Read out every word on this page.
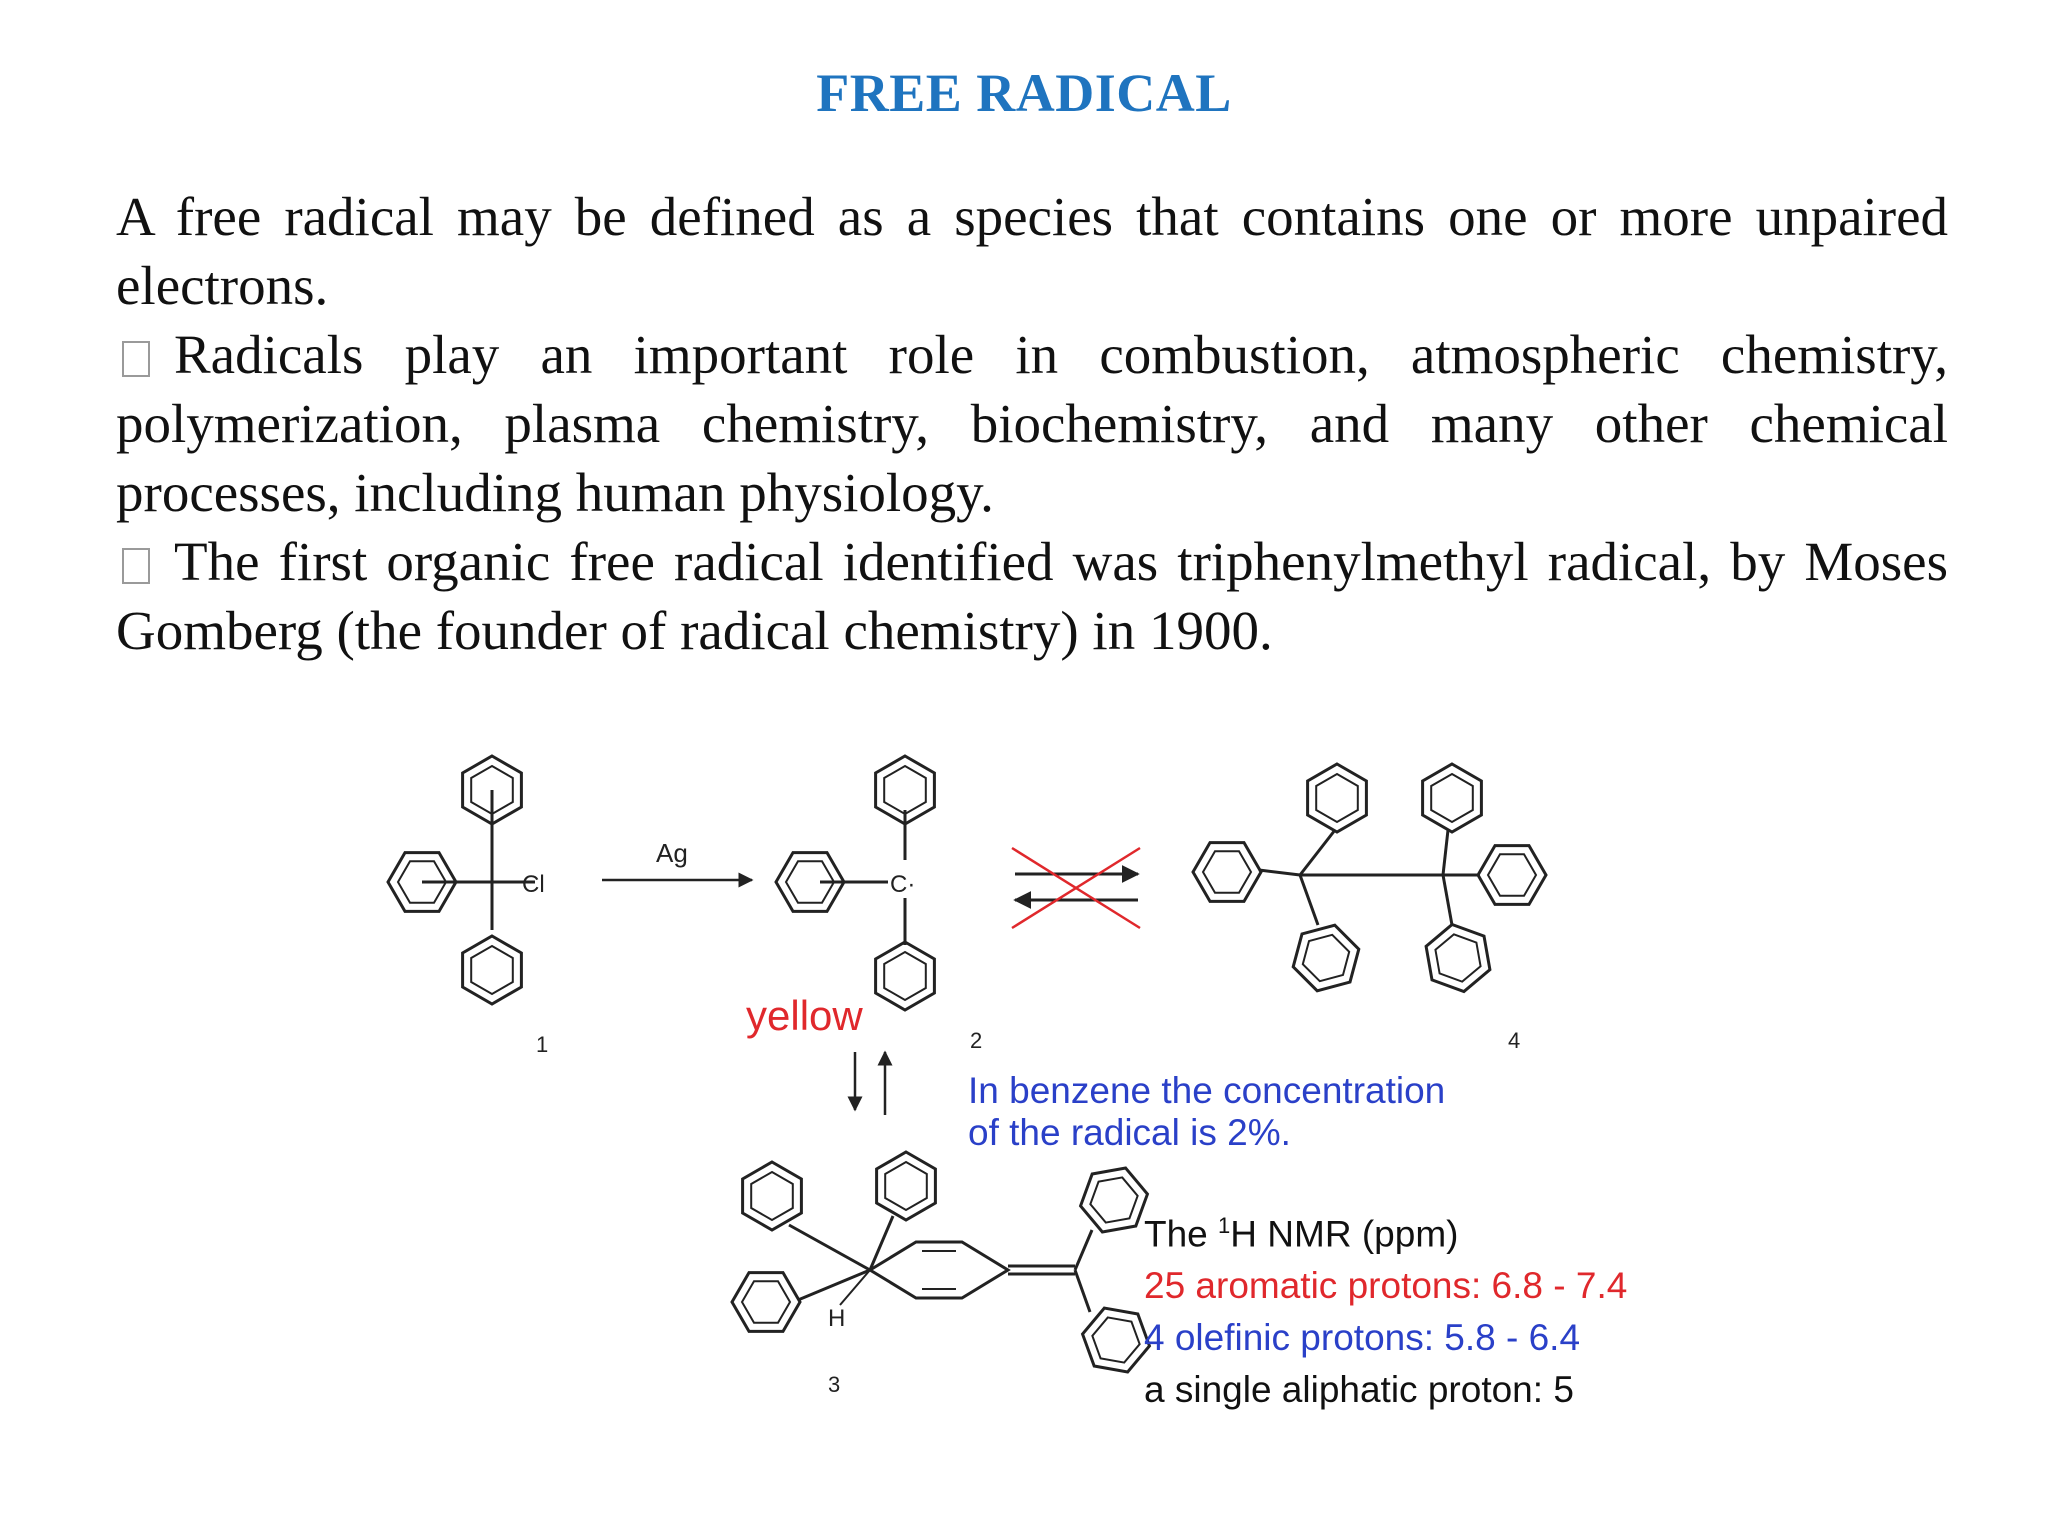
FREE RADICAL

A free radical may be defined as a species that contains one or more unpaired electrons.

Radicals play an important role in combustion, atmospheric chemistry, polymerization, plasma chemistry, biochemistry, and many other chemical processes, including human physiology.

The first organic free radical identified was triphenylmethyl radical, by Moses Gomberg (the founder of radical chemistry) in 1900.

Cl
Ag
C·
H
1	2
3
4
yellow
In benzene the concentration
of the radical is 2%.
The $^1$H NMR (ppm)
25 aromatic protons: 6.8 - 7.4
4 olefinic protons: 5.8 - 6.4
a single aliphatic proton: 5
